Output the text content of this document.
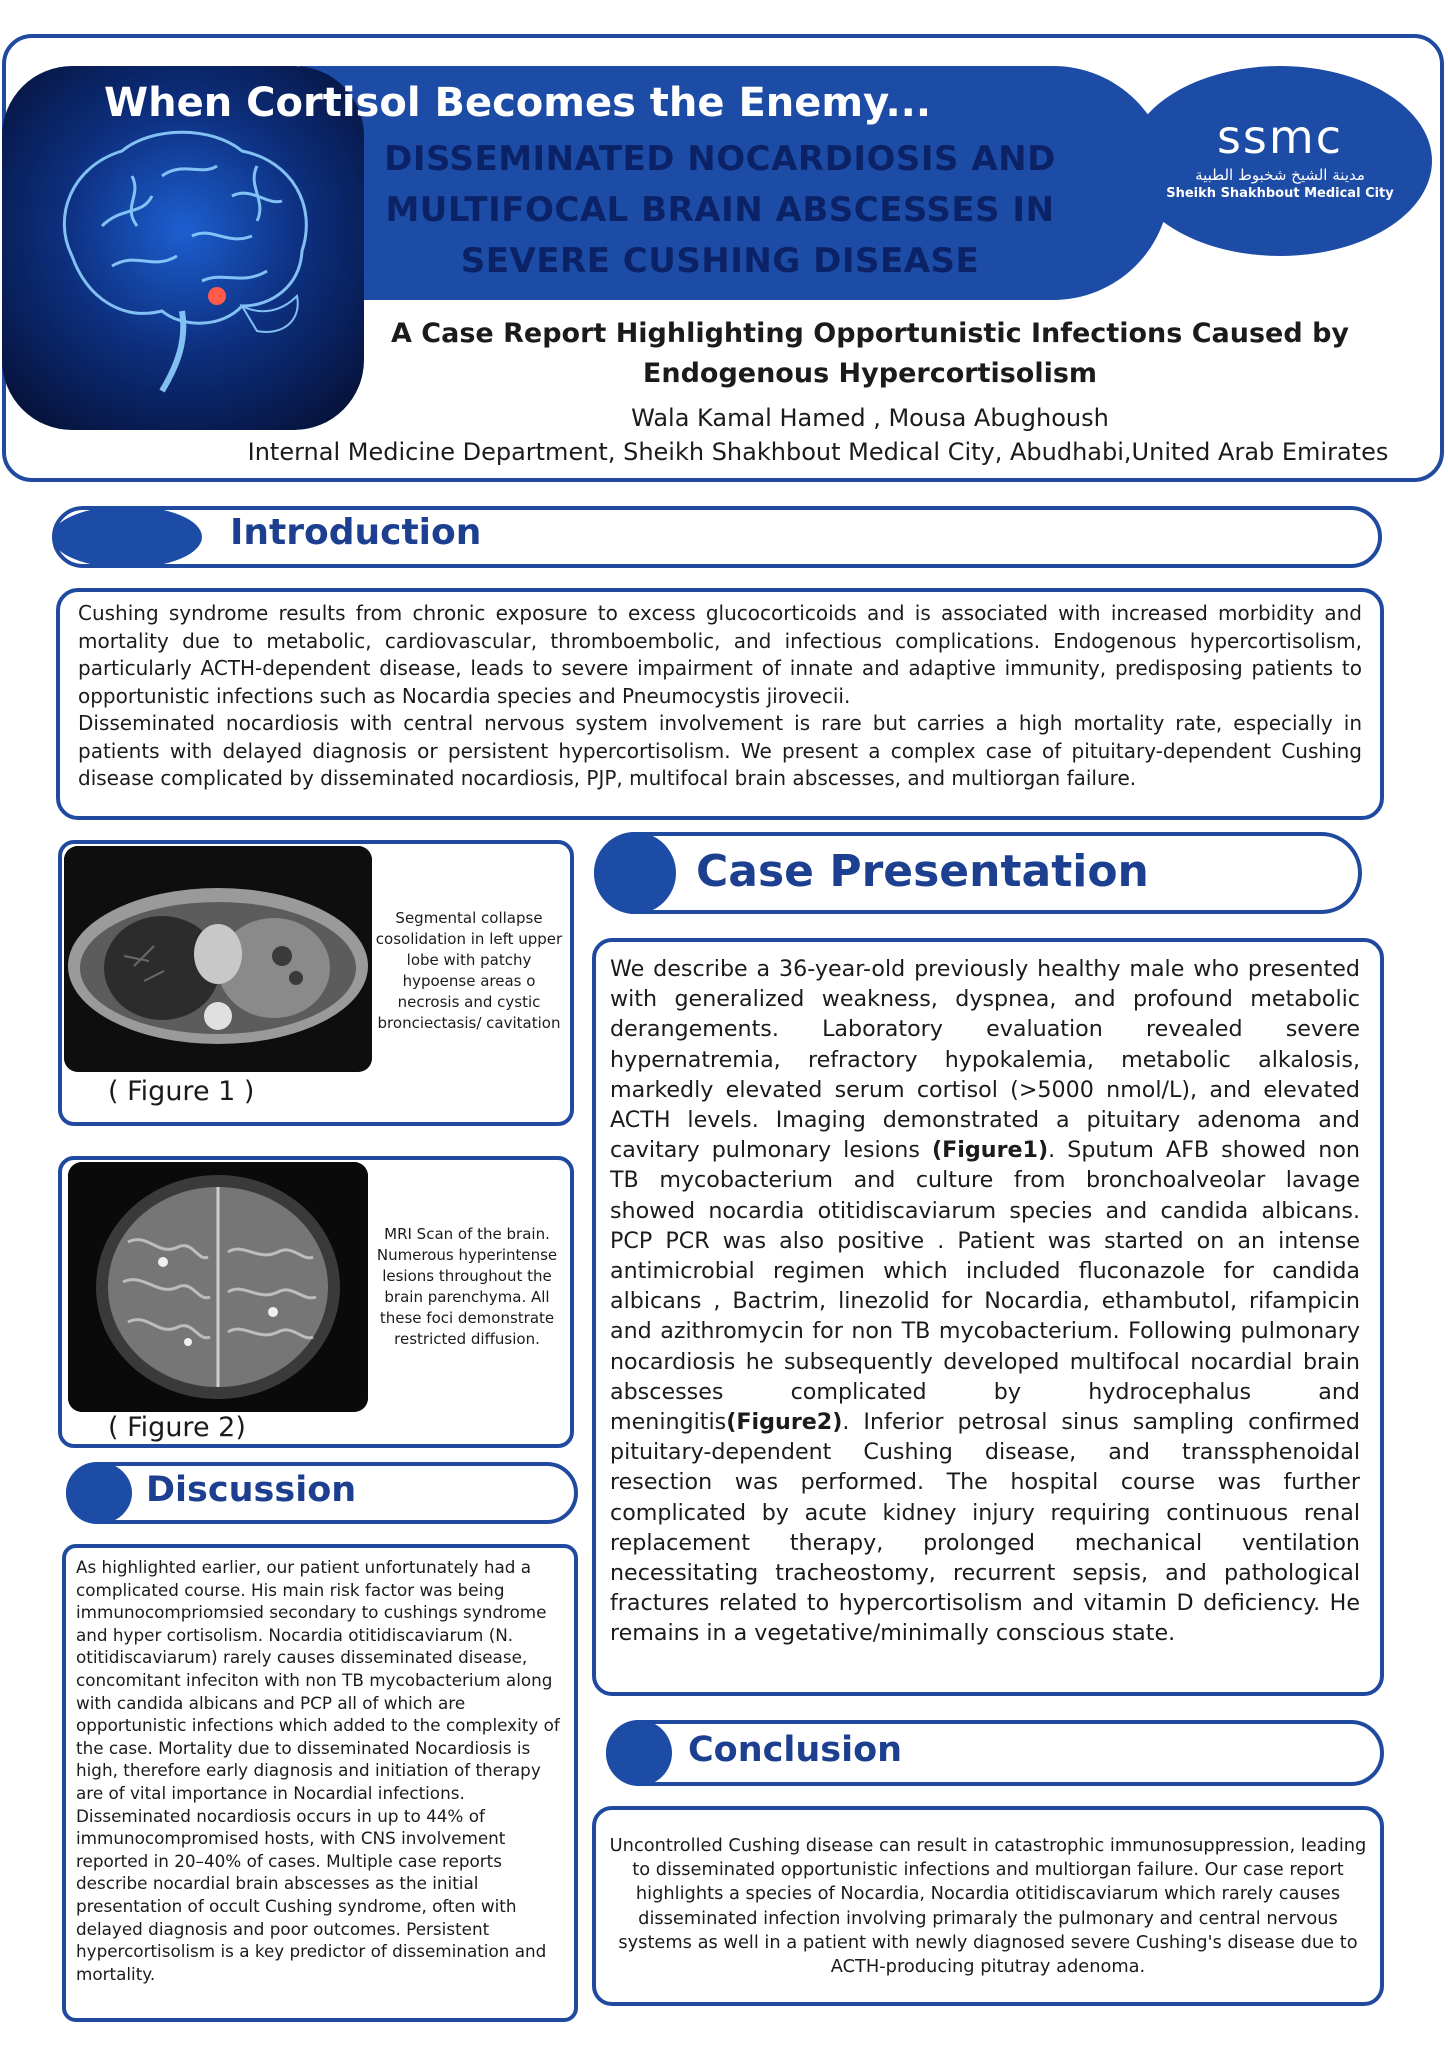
When Cortisol Becomes the Enemy...
DISSEMINATED NOCARDIOSIS AND
MULTIFOCAL BRAIN ABSCESSES IN
SEVERE CUSHING DISEASE
ssmc
مدينة الشيخ شخبوط الطبية
Sheikh Shakhbout Medical City
A Case Report Highlighting Opportunistic Infections Caused by
Endogenous Hypercortisolism
Wala Kamal Hamed , Mousa Abughoush
Internal Medicine Department, Sheikh Shakhbout Medical City, Abudhabi,United Arab Emirates
Introduction
Cushing syndrome results from chronic exposure to excess glucocorticoids and is associated with increased morbidity and mortality due to metabolic, cardiovascular, thromboembolic, and infectious complications. Endogenous hypercortisolism, particularly ACTH-dependent disease, leads to severe impairment of innate and adaptive immunity, predisposing patients to opportunistic infections such as Nocardia species and Pneumocystis jirovecii.
Disseminated nocardiosis with central nervous system involvement is rare but carries a high mortality rate, especially in patients with delayed diagnosis or persistent hypercortisolism. We present a complex case of pituitary-dependent Cushing disease complicated by disseminated nocardiosis, PJP, multifocal brain abscesses, and multiorgan failure.
Segmental collapse cosolidation in left upper lobe with patchy hypoense areas o necrosis and cystic bronciectasis/ cavitation
( Figure 1 )
MRI Scan of the brain. Numerous hyperintense lesions throughout the brain parenchyma. All these foci demonstrate restricted diffusion.
( Figure 2)
Discussion
As highlighted earlier, our patient unfortunately had a complicated course. His main risk factor was being immunocompriomsied secondary to cushings syndrome and hyper cortisolism. Nocardia otitidiscaviarum (N. otitidiscaviarum) rarely causes disseminated disease, concomitant infeciton with non TB mycobacterium along with candida albicans and PCP all of which are opportunistic infections which added to the complexity of the case. Mortality due to disseminated Nocardiosis is high, therefore early diagnosis and initiation of therapy are of vital importance in Nocardial infections.
Disseminated nocardiosis occurs in up to 44% of immunocompromised hosts, with CNS involvement reported in 20–40% of cases. Multiple case reports describe nocardial brain abscesses as the initial presentation of occult Cushing syndrome, often with delayed diagnosis and poor outcomes. Persistent hypercortisolism is a key predictor of dissemination and mortality.
Case Presentation
We describe a 36-year-old previously healthy male who presented with generalized weakness, dyspnea, and profound metabolic derangements. Laboratory evaluation revealed severe hypernatremia, refractory hypokalemia, metabolic alkalosis, markedly elevated serum cortisol (>5000 nmol/L), and elevated ACTH levels. Imaging demonstrated a pituitary adenoma and cavitary pulmonary lesions (Figure1). Sputum AFB showed non TB mycobacterium and culture from bronchoalveolar lavage showed nocardia otitidiscaviarum species and candida albicans. PCP PCR was also positive . Patient was started on an intense antimicrobial regimen which included fluconazole for candida albicans , Bactrim, linezolid for Nocardia, ethambutol, rifampicin and azithromycin for non TB mycobacterium. Following pulmonary nocardiosis he subsequently developed multifocal nocardial brain abscesses complicated by hydrocephalus and meningitis(Figure2). Inferior petrosal sinus sampling confirmed pituitary-dependent Cushing disease, and transsphenoidal resection was performed. The hospital course was further complicated by acute kidney injury requiring continuous renal replacement therapy, prolonged mechanical ventilation necessitating tracheostomy, recurrent sepsis, and pathological fractures related to hypercortisolism and vitamin D deficiency. He remains in a vegetative/minimally conscious state.
Conclusion
Uncontrolled Cushing disease can result in catastrophic immunosuppression, leading to disseminated opportunistic infections and multiorgan failure. Our case report highlights a species of Nocardia, Nocardia otitidiscaviarum which rarely causes disseminated infection involving primaraly the pulmonary and central nervous systems as well in a patient with newly diagnosed severe Cushing's disease due to ACTH-producing pitutray adenoma.
